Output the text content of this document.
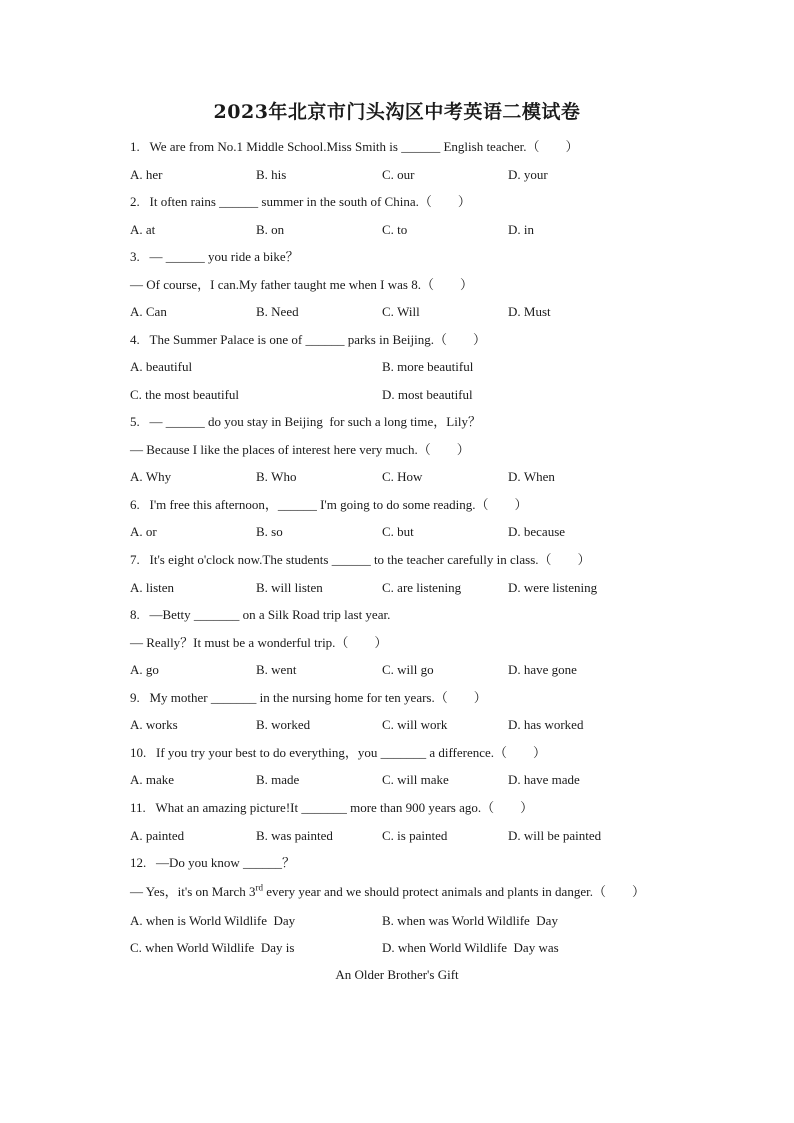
2023年北京市门头沟区中考英语二模试卷
1.   We are from No.1 Middle School.Miss Smith is ______ English teacher.（        ）
A. her	B. his	C. our	D. your
2.   It often rains ______ summer in the south of China.（        ）
A. at	B. on	C. to	D. in
3.   — ______ you ride a bike？
— Of course，I can.My father taught me when I was 8.（        ）
A. Can	B. Need	C. Will	D. Must
4.   The Summer Palace is one of ______ parks in Beijing.（        ）
A. beautiful	B. more beautiful
C. the most beautiful	D. most beautiful
5.   — ______ do you stay in Beijing  for such a long time，Lily？
— Because I like the places of interest here very much.（        ）
A. Why	B. Who	C. How	D. When
6.   I'm free this afternoon，______ I'm going to do some reading.（        ）
A. or	B. so	C. but	D. because
7.   It's eight o'clock now.The students ______ to the teacher carefully in class.（        ）
A. listen	B. will listen	C. are listening	D. were listening
8.   —Betty _______ on a Silk Road trip last year.
— Really？It must be a wonderful trip.（        ）
A. go	B. went	C. will go	D. have gone
9.   My mother _______ in the nursing home for ten years.（        ）
A. works	B. worked	C. will work	D. has worked
10.   If you try your best to do everything，you _______ a difference.（        ）
A. make	B. made	C. will make	D. have made
11.   What an amazing picture!It _______ more than 900 years ago.（        ）
A. painted	B. was painted	C. is painted	D. will be painted
12.   —Do you know ______？
— Yes，it's on March 3rd every year and we should protect animals and plants in danger.（        ）
A. when is World Wildlife  Day	B. when was World Wildlife  Day
C. when World Wildlife  Day is	D. when World Wildlife  Day was
An Older Brother's Gift
